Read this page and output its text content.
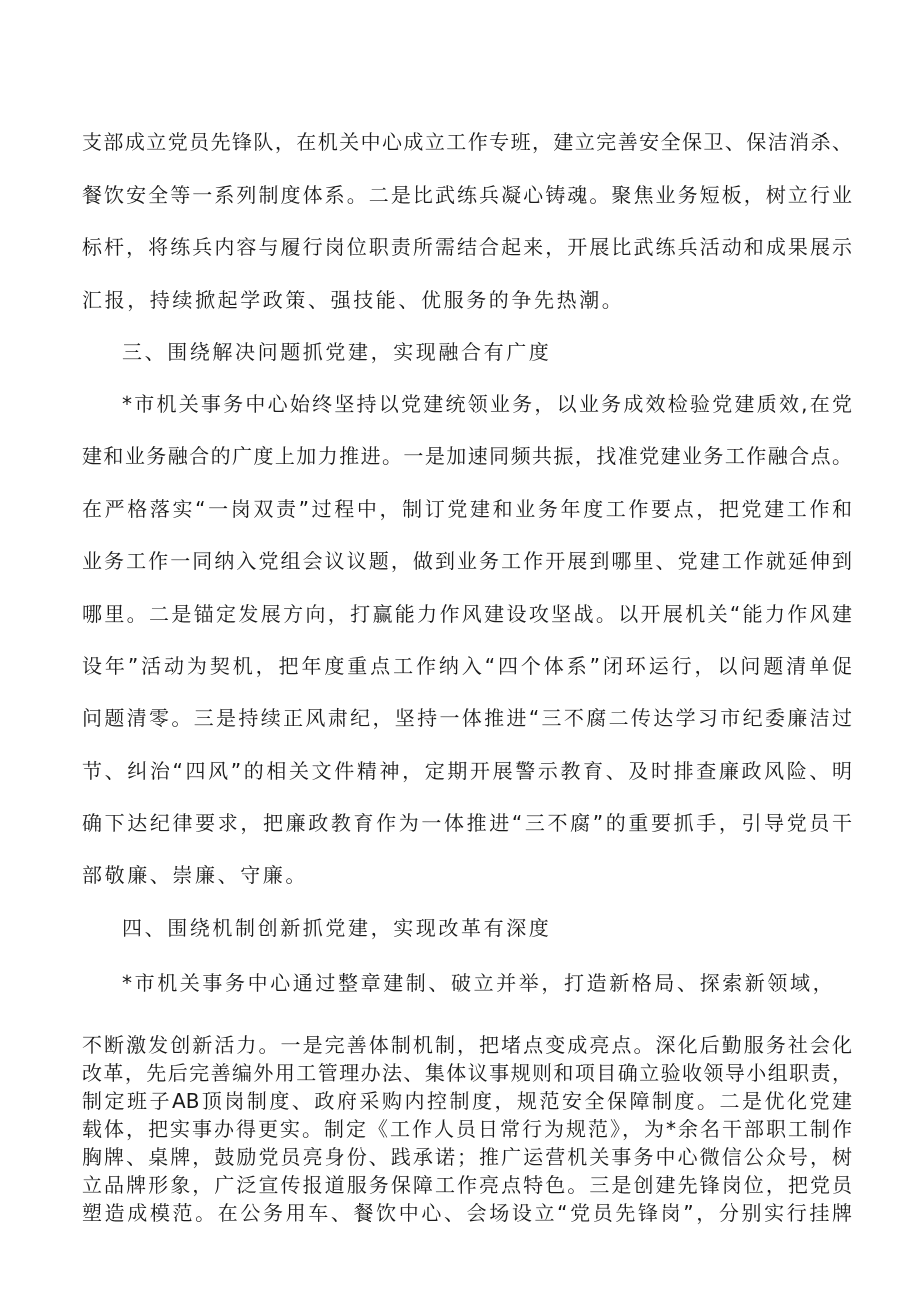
支部成立党员先锋队，在机关中心成立工作专班，建立完善安全保卫、保洁消杀、
餐饮安全等一系列制度体系。二是比武练兵凝心铸魂。聚焦业务短板，树立行业
标杆，将练兵内容与履行岗位职责所需结合起来，开展比武练兵活动和成果展示
汇报，持续掀起学政策、强技能、优服务的争先热潮。
三、围绕解决问题抓党建，实现融合有广度
*市机关事务中心始终坚持以党建统领业务，以业务成效检验党建质效,在党
建和业务融合的广度上加力推进。一是加速同频共振，找准党建业务工作融合点。
在严格落实“一岗双责”过程中，制订党建和业务年度工作要点，把党建工作和
业务工作一同纳入党组会议议题，做到业务工作开展到哪里、党建工作就延伸到
哪里。二是锚定发展方向，打赢能力作风建设攻坚战。以开展机关“能力作风建
设年”活动为契机，把年度重点工作纳入“四个体系”闭环运行，以问题清单促
问题清零。三是持续正风肃纪，坚持一体推进“三不腐二传达学习市纪委廉洁过
节、纠治“四风”的相关文件精神，定期开展警示教育、及时排查廉政风险、明
确下达纪律要求，把廉政教育作为一体推进“三不腐”的重要抓手，引导党员干
部敬廉、崇廉、守廉。
四、围绕机制创新抓党建，实现改革有深度
*市机关事务中心通过整章建制、破立并举，打造新格局、探索新领域，
不断激发创新活力。一是完善体制机制，把堵点变成亮点。深化后勤服务社会化
改革，先后完善编外用工管理办法、集体议事规则和项目确立验收领导小组职责，
制定班子AB顶岗制度、政府采购内控制度，规范安全保障制度。二是优化党建
载体，把实事办得更实。制定《工作人员日常行为规范》，为*余名干部职工制作
胸牌、桌牌，鼓励党员亮身份、践承诺；推广运营机关事务中心微信公众号，树
立品牌形象，广泛宣传报道服务保障工作亮点特色。三是创建先锋岗位，把党员
塑造成模范。在公务用车、餐饮中心、会场设立“党员先锋岗”，分别实行挂牌
